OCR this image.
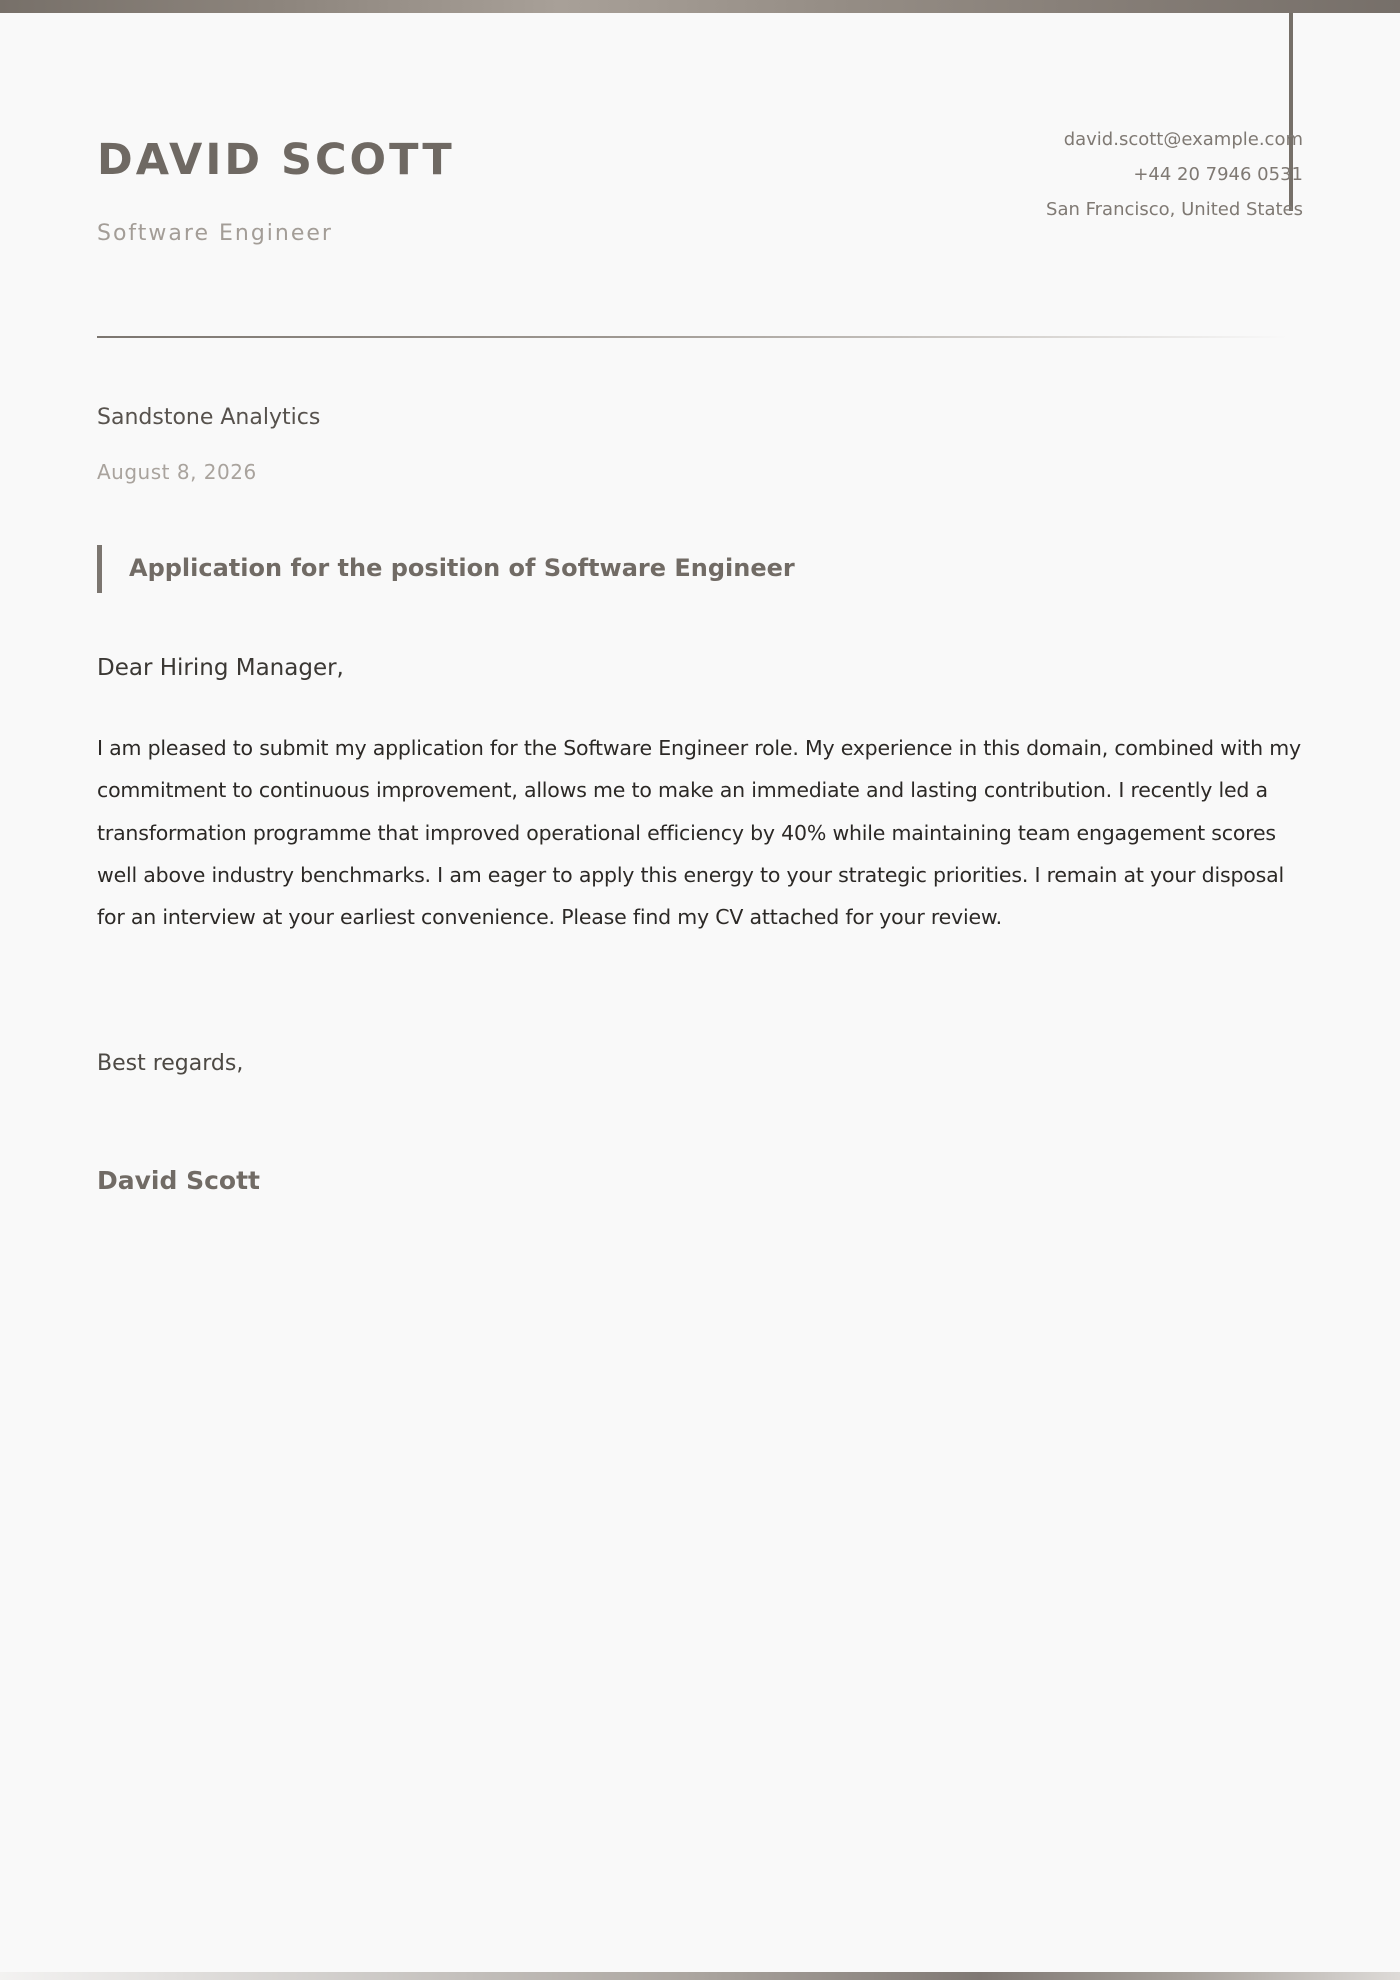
DAVID SCOTT
Software Engineer
david.scott@example.com
+44 20 7946 0531
San Francisco, United States
Sandstone Analytics
August 8, 2026
Application for the position of Software Engineer
Dear Hiring Manager,

I am pleased to submit my application for the Software Engineer role. My experience in this domain, combined with my commitment to continuous improvement, allows me to make an immediate and lasting contribution. I recently led a transformation programme that improved operational efficiency by 40% while maintaining team engagement scores well above industry benchmarks. I am eager to apply this energy to your strategic priorities. I remain at your disposal for an interview at your earliest convenience. Please find my CV attached for your review.

Best regards,
David Scott
